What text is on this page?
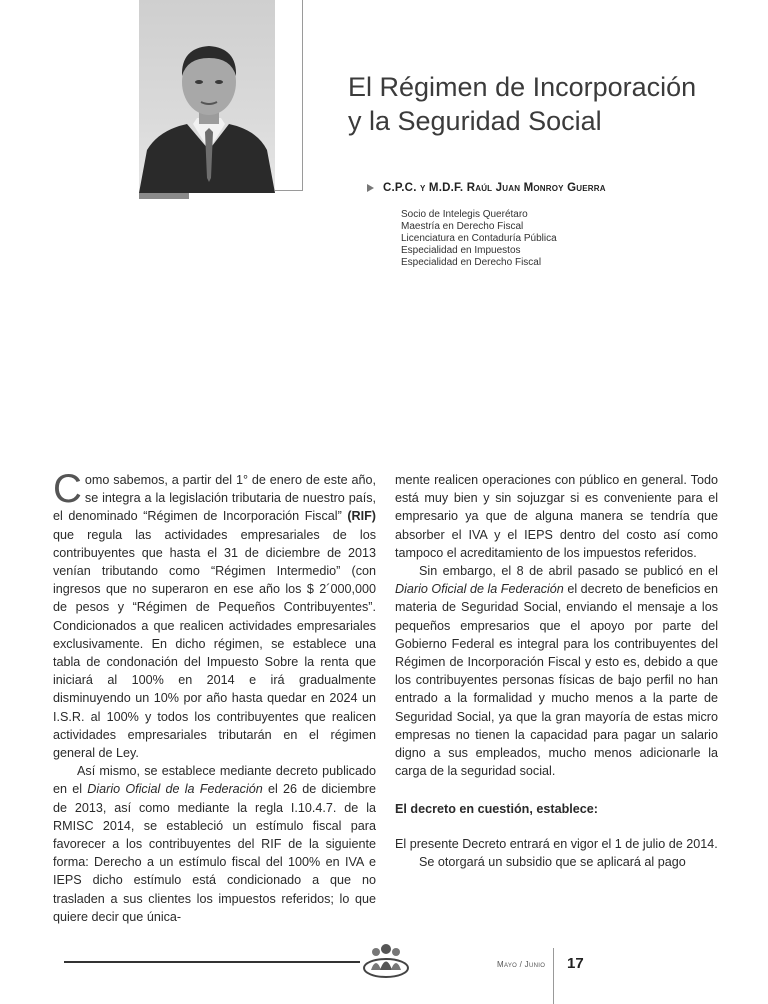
El Régimen de Incorporación
y la Seguridad Social
C.P.C. y M.D.F. Raúl Juan Monroy Guerra
Socio de Intelegis Querétaro
Maestría en Derecho Fiscal
Licenciatura en Contaduría Pública
Especialidad en Impuestos
Especialidad en Derecho Fiscal

Como sabemos, a partir del 1° de enero de este año, se integra a la legislación tributaria de nuestro país, el denominado “Régimen de Incorporación Fiscal” (RIF) que regula las actividades empresariales de los contribuyentes que hasta el 31 de diciembre de 2013 venían tributando como “Régimen Intermedio” (con ingresos que no superaron en ese año los $ 2´000,000 de pesos y “Régimen de Pequeños Contribuyentes”. Condicionados a que realicen actividades empresariales exclusivamente. En dicho régimen, se establece una tabla de condonación del Impuesto Sobre la renta que iniciará al 100% en 2014 e irá gradualmente disminuyendo un 10% por año hasta quedar en 2024 un I.S.R. al 100% y todos los contribuyentes que realicen actividades empresariales tributarán en el régimen general de Ley.

Así mismo, se establece mediante decreto publicado en el Diario Oficial de la Federación el 26 de diciembre de 2013, así como mediante la regla I.10.4.7. de la RMISC 2014, se estableció un estímulo fiscal para favorecer a los contribuyentes del RIF de la siguiente forma: Derecho a un estímulo fiscal del 100% en IVA e IEPS dicho estímulo está condicionado a que no trasladen a sus clientes los impuestos referidos; lo que quiere decir que única-

mente realicen operaciones con público en general. Todo está muy bien y sin sojuzgar si es conveniente para el empresario ya que de alguna manera se tendría que absorber el IVA y el IEPS dentro del costo así como tampoco el acreditamiento de los impuestos referidos.

Sin embargo, el 8 de abril pasado se publicó en el Diario Oficial de la Federación el decreto de beneficios en materia de Seguridad Social, enviando el mensaje a los pequeños empresarios que el apoyo por parte del Gobierno Federal es integral para los contribuyentes del Régimen de Incorporación Fiscal y esto es, debido a que los contribuyentes personas físicas de bajo perfil no han entrado a la formalidad y mucho menos a la parte de Seguridad Social, ya que la gran mayoría de estas micro empresas no tienen la capacidad para pagar un salario digno a sus empleados, mucho menos adicionarle la carga de la seguridad social.

El decreto en cuestión, establece:

El presente Decreto entrará en vigor el 1 de julio de 2014.

Se otorgará un subsidio que se aplicará al pago

Mayo / Junio 17
